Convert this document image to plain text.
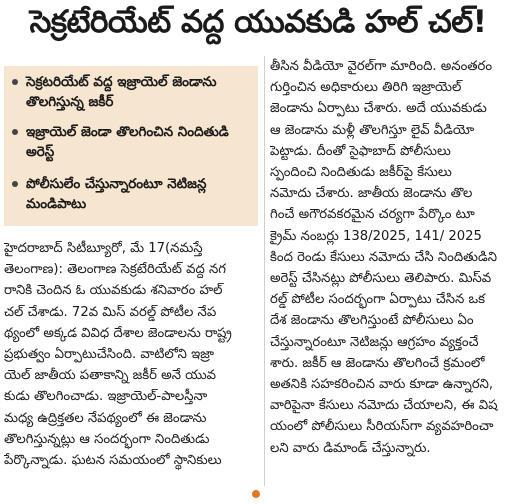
సెక్రటేరియేట్ వద్ద యువకుడి హల్ చల్!
సెక్రటరియేట్ వద్ద ఇజ్రాయెల్ జెండాను తొలగిస్తున్న జకీర్
ఇజ్రాయెల్ జెండా తొలగించిన నిందితుడి అరెస్ట్
పోలీసులేం చేస్తున్నారంటూ నెటిజన్ల మండిపాటు
హైదరాబాద్ సిటీబ్యూరో, మే 17(నమస్తే
తెలంగాణ): తెలంగాణ సెక్రటేరియేట్ వద్ద నగ
రానికి చెందిన ఓ యువకుడు శనివారం హల్
చల్ చేశాడు. 72వ మిస్ వరల్డ్ పోటీల నేప
థ్యంలో అక్కడ వివిధ దేశాల జెండాలను రాష్ట్ర
ప్రభుత్వం ఏర్పాటుచేసింది. వాటిలోని ఇజ్రా
యెల్ జాతీయ పతాకాన్ని జకీర్ అనే యువ
కుడు తొలగించాడు. ఇజ్రాయెల్-పాలస్తీనా
మధ్య ఉద్రిక్తతల నేపథ్యంలో ఈ జెండాను
తొలగిస్తున్నట్లు ఆ సందర్భంగా నిందితుడు
పేర్కొన్నాడు. ఘటన సమయంలో స్థానికులు
తీసిన వీడియో వైరల్‌గా మారింది. అనంతరం
గుర్తించిన అధికారులు తిరిగి ఇజ్రాయెల్
జెండాను ఏర్పాటు చేశారు. అదే యువకుడు
ఆ జెండాను మళ్లీ తొలగిస్తూ లైవ్ వీడియో
పెట్టాడు. దీంతో సైఫాబాద్ పోలీసులు
స్పందించి నిందితుడు జకీర్‌పై కేసులు
నమోదు చేశారు. జాతీయ జెండాను తొల
గించే అగౌరవకరమైన చర్యగా పేర్కొం టూ
క్రైమ్ నంబర్లు 138/2025, 141/ 2025
కింద రెండు కేసులు నమోదు చేసి నిందితుడిని
అరెస్ట్ చేసినట్లు పోలీసులు తెలిపారు. మిస్‌వ
రల్డ్ పోటీల సందర్భంగా ఏర్పాటు చేసిన ఒక
దేశ జెండాను తొలగిస్తుంటే పోలీసులు ఏం
చేస్తున్నారంటూ నెటిజన్లు ఆగ్రహం వ్యక్తంచే
శారు. జకీర్ ఆ జెండాను తొలగించే క్రమంలో
అతనికి సహకరించిన వారు కూడా ఉన్నారని,
వారిపైనా కేసులు నమోదు చేయాలని, ఈ విష
యంలో పోలీసులు సీరియస్‌గా వ్యవహరించా
లని వారు డిమాండ్ చేస్తున్నారు.
